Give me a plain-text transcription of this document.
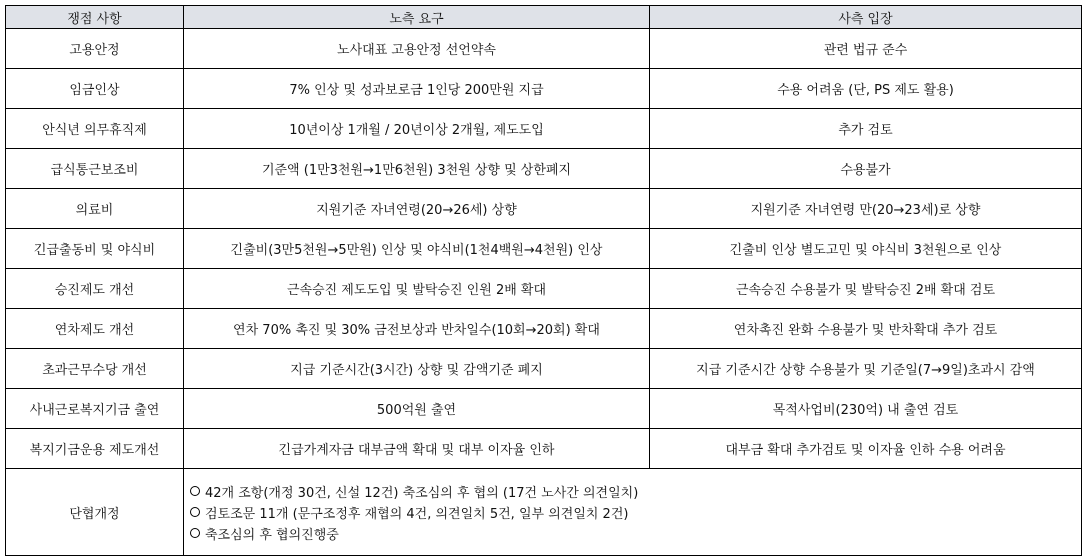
쟁점 사항	노측 요구	사측 입장
고용안정	노사대표 고용안정 선언약속	관련 법규 준수
임금인상	7% 인상 및 성과보로금 1인당 200만원 지급	수용 어려움 (단, PS 제도 활용)
안식년 의무휴직제	10년이상 1개월 / 20년이상 2개월, 제도도입	추가 검토
급식통근보조비	기준액 (1만3천원→1만6천원) 3천원 상향 및 상한폐지	수용불가
의료비	지원기준 자녀연령(20→26세) 상향	지원기준 자녀연령 만(20→23세)로 상향
긴급출동비 및 야식비	긴출비(3만5천원→5만원) 인상 및 야식비(1천4백원→4천원) 인상	긴출비 인상 별도고민 및 야식비 3천원으로 인상
승진제도 개선	근속승진 제도도입 및 발탁승진 인원 2배 확대	근속승진 수용불가 및 발탁승진 2배 확대 검토
연차제도 개선	연차 70% 촉진 및 30% 금전보상과 반차일수(10회→20회) 확대	연차촉진 완화 수용불가 및 반차확대 추가 검토
초과근무수당 개선	지급 기준시간(3시간) 상향 및 감액기준 폐지	지급 기준시간 상향 수용불가 및 기준일(7→9일)초과시 감액
사내근로복지기금 출연	500억원 출연	목적사업비(230억) 내 출연 검토
복지기금운용 제도개선	긴급가계자금 대부금액 확대 및 대부 이자율 인하	대부금 확대 추가검토 및 이자율 인하 수용 어려움
단협개정	42개 조항(개정 30건, 신설 12건) 축조심의 후 협의 (17건 노사간 의견일치)
검토조문 11개 (문구조정후 재협의 4건, 의견일치 5건, 일부 의견일치 2건)
축조심의 후 협의진행중	
